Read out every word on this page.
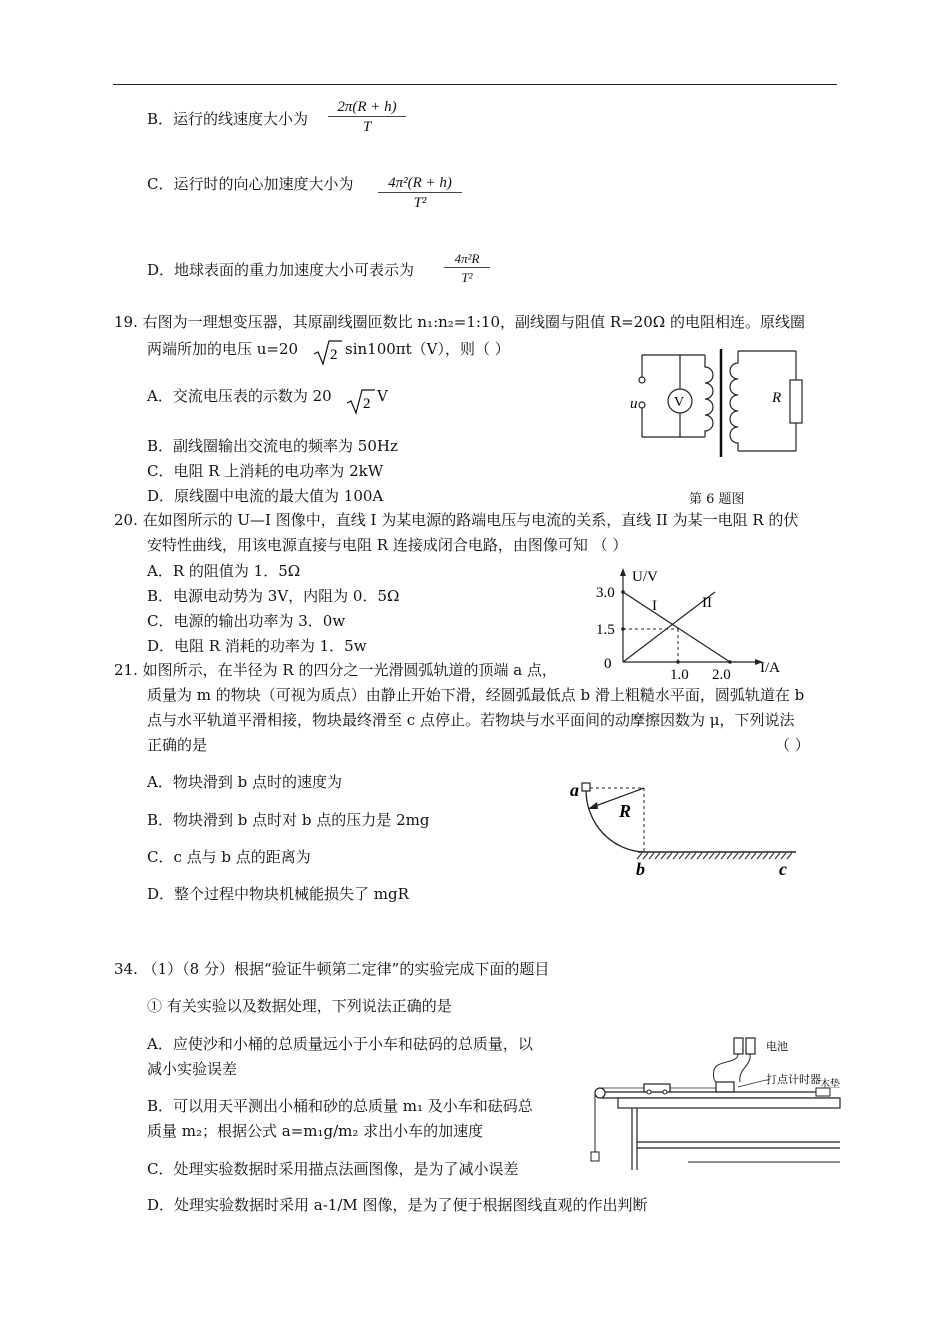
B．运行的线速度大小为 $\frac{2\pi(R + h)}{T}$
C．运行时的向心加速度大小为 $\frac{\text{4π²(R + h)}}{\text{T²}}$
D．地球表面的重力加速度大小可表示为 $\frac{\text{4π²R}}{\text{T²}}$
19. 右图为一理想变压器，其原副线圈匝数比 n₁:n₂=1:10，副线圈与阻值 R=20Ω 的电阻相连。原线圈
两端所加的电压 u=20 2 sin100πt（V），则（ ）
A．交流电压表的示数为 20 2 V
B．副线圈输出交流电的频率为 50Hz
C．电阻 R 上消耗的电功率为 2kW
D．原线圈中电流的最大值为 100A
u	V	R
第 6 题图
20. 在如图所示的 U—I 图像中，直线 I 为某电源的路端电压与电流的关系，直线 II 为某一电阻 R 的伏
安特性曲线，用该电源直接与电阻 R 连接成闭合电路，由图像可知 （ ）
A．R 的阻值为 1．5Ω
B．电源电动势为 3V，内阻为 0．5Ω
C．电源的输出功率为 3．0w
D．电阻 R 消耗的功率为 1．5w
U/V
I/A
3.0
1.5
0
1.0 2.0
I	II
21. 如图所示，在半径为 R 的四分之一光滑圆弧轨道的顶端 a 点，
质量为 m 的物块（可视为质点）由静止开始下滑，经圆弧最低点 b 滑上粗糙水平面，圆弧轨道在 b
点与水平轨道平滑相接，物块最终滑至 c 点停止。若物块与水平面间的动摩擦因数为 μ，下列说法
正确的是	（ ）
A．物块滑到 b 点时的速度为
B．物块滑到 b 点时对 b 点的压力是 2mg
C．c 点与 b 点的距离为
D．整个过程中物块机械能损失了 mgR
a
R
b	c
34. （1）（8 分）根据“验证牛顿第二定律”的实验完成下面的题目
① 有关实验以及数据处理，下列说法正确的是
A．应使沙和小桶的总质量远小于小车和砝码的总质量，以
减小实验误差
B．可以用天平测出小桶和砂的总质量 m₁ 及小车和砝码总
质量 m₂；根据公式 a=m₁g/m₂ 求出小车的加速度
C．处理实验数据时采用描点法画图像，是为了减小误差
D．处理实验数据时采用 a-1/M 图像，是为了便于根据图线直观的作出判断
电池
打点计时器 木垫
